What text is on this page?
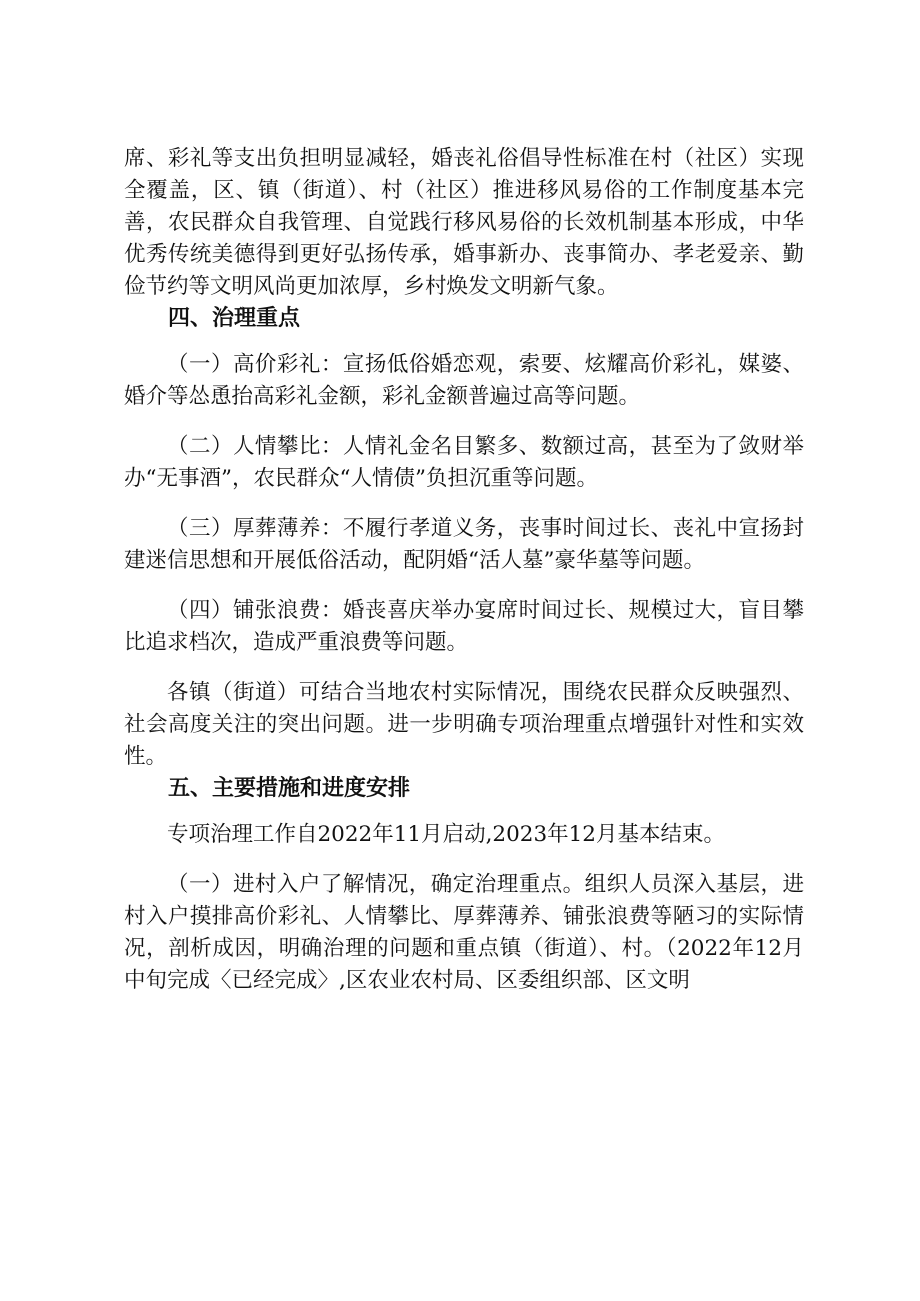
席、彩礼等支出负担明显减轻，婚丧礼俗倡导性标准在村（社区）实现全覆盖，区、镇（街道）、村（社区）推进移风易俗的工作制度基本完善，农民群众自我管理、自觉践行移风易俗的长效机制基本形成，中华优秀传统美德得到更好弘扬传承，婚事新办、丧事简办、孝老爱亲、勤俭节约等文明风尚更加浓厚，乡村焕发文明新气象。

四、治理重点

（一）高价彩礼：宣扬低俗婚恋观，索要、炫耀高价彩礼，媒婆、婚介等怂恿抬高彩礼金额，彩礼金额普遍过高等问题。

（二）人情攀比：人情礼金名目繁多、数额过高，甚至为了敛财举办“无事酒”，农民群众“人情债”负担沉重等问题。

（三）厚葬薄养：不履行孝道义务，丧事时间过长、丧礼中宣扬封建迷信思想和开展低俗活动，配阴婚“活人墓”豪华墓等问题。

（四）铺张浪费：婚丧喜庆举办宴席时间过长、规模过大，盲目攀比追求档次，造成严重浪费等问题。

各镇（街道）可结合当地农村实际情况，围绕农民群众反映强烈、社会高度关注的突出问题。进一步明确专项治理重点增强针对性和实效性。

五、主要措施和进度安排

专项治理工作自2022年11月启动,2023年12月基本结束。

（一）进村入户了解情况，确定治理重点。组织人员深入基层，进村入户摸排高价彩礼、人情攀比、厚葬薄养、铺张浪费等陋习的实际情况，剖析成因，明确治理的问题和重点镇（街道）、村。（2022年12月中旬完成〈已经完成〉,区农业农村局、区委组织部、区文明
